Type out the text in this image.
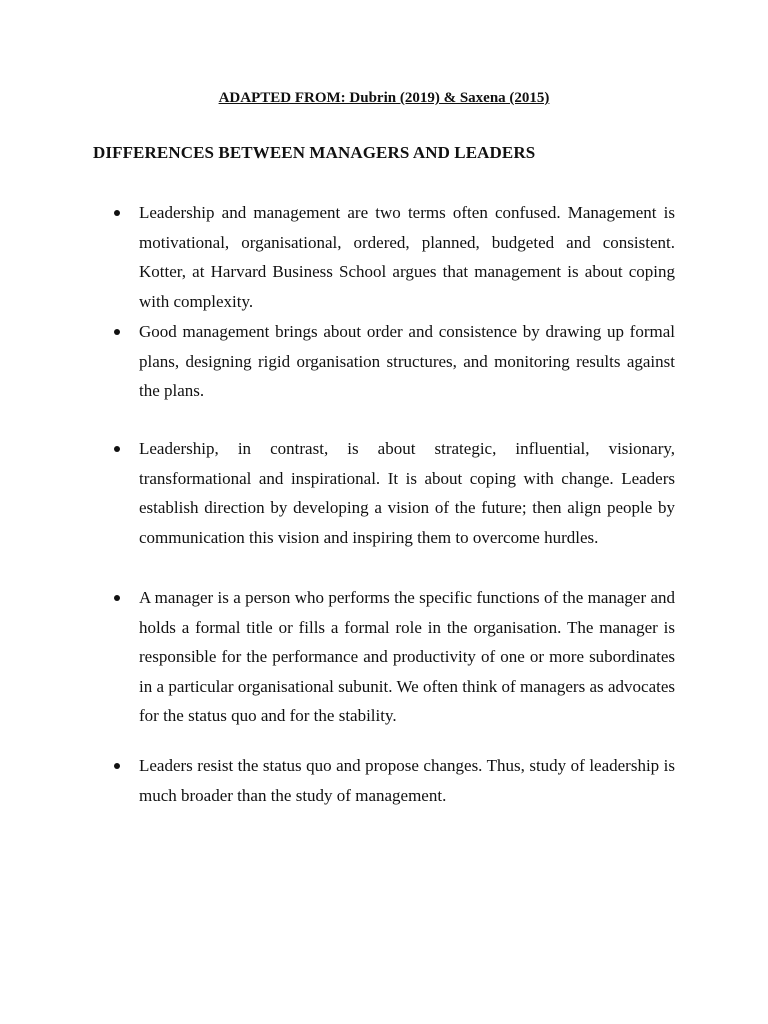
ADAPTED FROM: Dubrin (2019) & Saxena (2015)
DIFFERENCES BETWEEN MANAGERS AND LEADERS
Leadership and management are two terms often confused. Management is motivational, organisational, ordered, planned, budgeted and consistent. Kotter, at Harvard Business School argues that management is about coping with complexity.
Good management brings about order and consistence by drawing up formal plans, designing rigid organisation structures, and monitoring results against the plans.
Leadership, in contrast, is about strategic, influential, visionary, transformational and inspirational. It is about coping with change. Leaders establish direction by developing a vision of the future; then align people by communication this vision and inspiring them to overcome hurdles.
A manager is a person who performs the specific functions of the manager and holds a formal title or fills a formal role in the organisation. The manager is responsible for the performance and productivity of one or more subordinates in a particular organisational subunit. We often think of managers as advocates for the status quo and for the stability.
Leaders resist the status quo and propose changes. Thus, study of leadership is much broader than the study of management.
